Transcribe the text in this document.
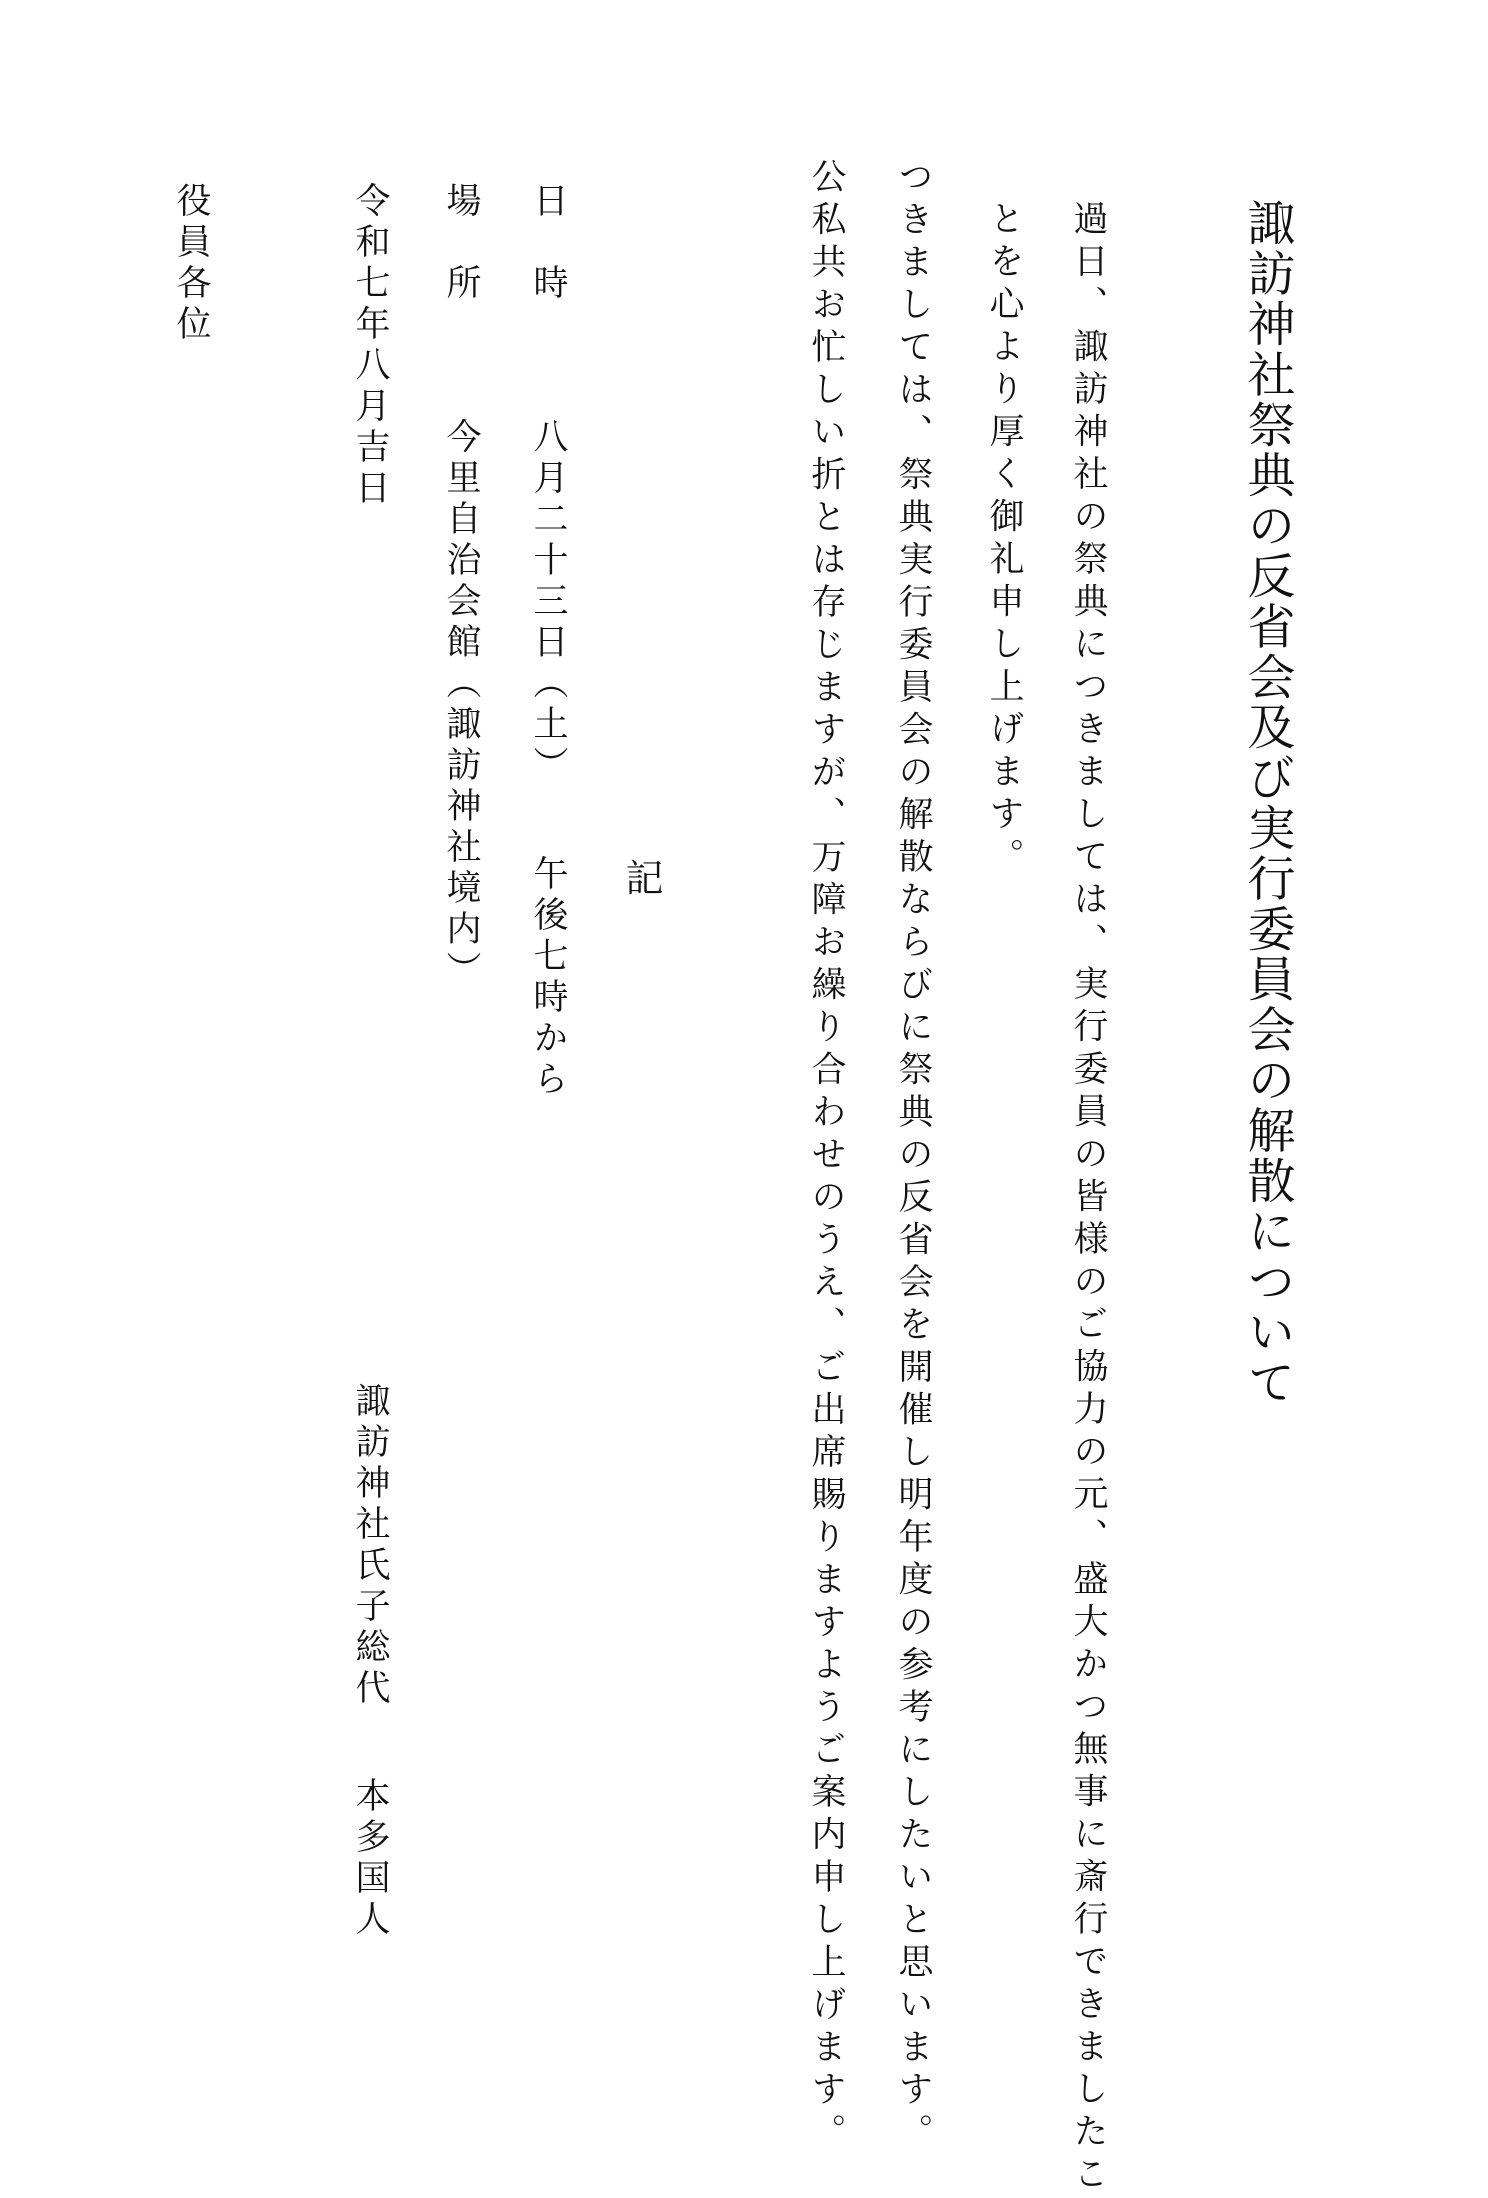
諏訪神社祭典の反省会及び実行委員会の解散について

過日、諏訪神社の祭典につきましては、実行委員の皆様のご協力の元、盛大かつ無事に斎行できましたこ

とを心より厚く御礼申し上げます。

つきましては、祭典実行委員会の解散ならびに祭典の反省会を開催し明年度の参考にしたいと思います。

公私共お忙しい折とは存じますが、万障お繰り合わせのうえ、ご出席賜りますようご案内申し上げます。

記
日　時
八月二十三日（土）
午後七時から
場　所
今里自治会館（諏訪神社境内）
令和七年八月吉日
諏訪神社氏子総代
本多国人
役員各位
